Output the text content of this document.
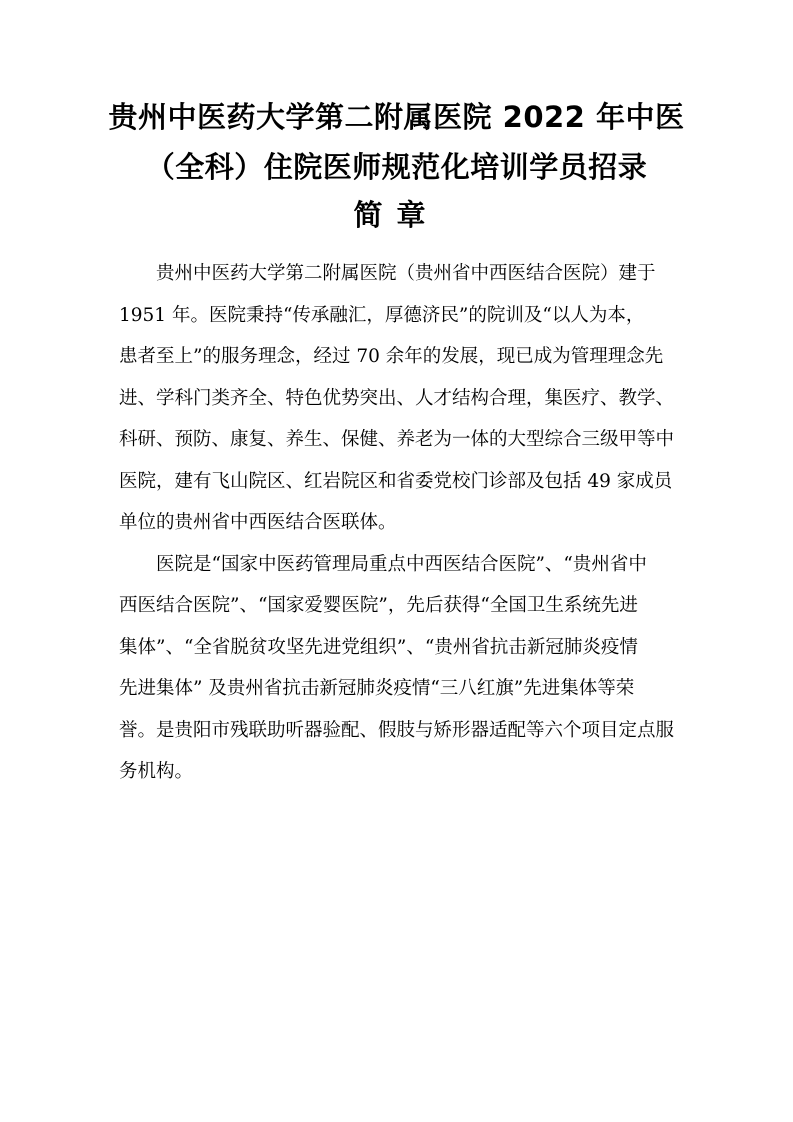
贵州中医药大学第二附属医院 2022 年中医
（全科）住院医师规范化培训学员招录
简章
贵州中医药大学第二附属医院（贵州省中西医结合医院）建于
1951 年。医院秉持“传承融汇，厚德济民”的院训及“以人为本，
患者至上”的服务理念，经过 70 余年的发展，现已成为管理理念先
进、学科门类齐全、特色优势突出、人才结构合理，集医疗、教学、
科研、预防、康复、养生、保健、养老为一体的大型综合三级甲等中
医院，建有飞山院区、红岩院区和省委党校门诊部及包括 49 家成员
单位的贵州省中西医结合医联体。
医院是“国家中医药管理局重点中西医结合医院”、“贵州省中
西医结合医院”、“国家爱婴医院”，先后获得“全国卫生系统先进
集体”、“全省脱贫攻坚先进党组织”、“贵州省抗击新冠肺炎疫情
先进集体” 及贵州省抗击新冠肺炎疫情“三八红旗”先进集体等荣
誉。是贵阳市残联助听器验配、假肢与矫形器适配等六个项目定点服
务机构。
